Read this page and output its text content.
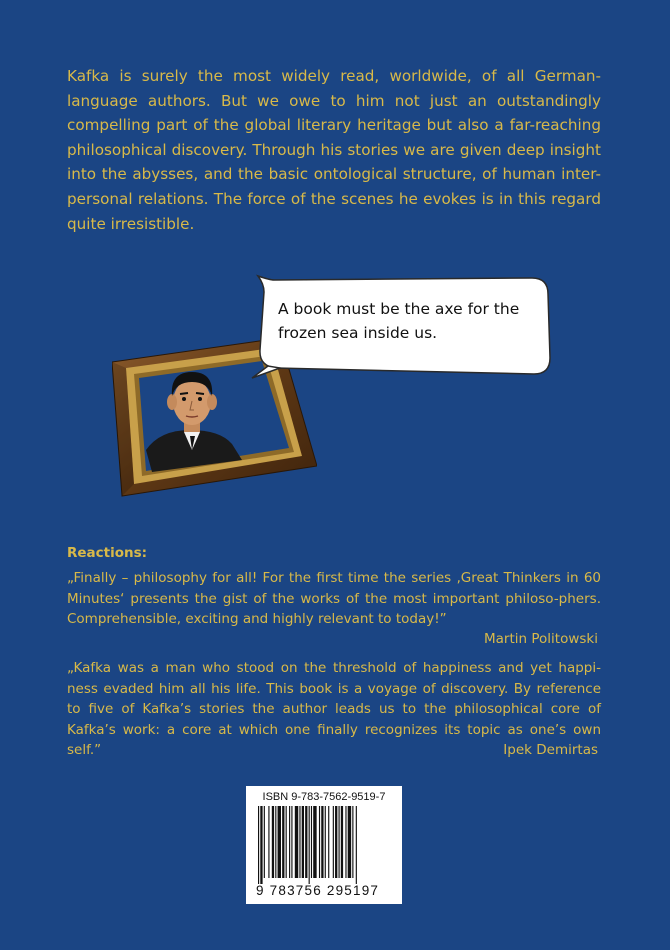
Kafka is surely the most widely read, worldwide, of all German-language authors. But we owe to him not just an outstandingly compelling part of the global literary heritage but also a far-reaching philosophical discovery. Through his stories we are given deep insight into the abysses, and the basic ontological structure, of human inter-personal relations. The force of the scenes he evokes is in this regard quite irresistible.

A book must be the axe for the frozen sea inside us.
Reactions:

„Finally – philosophy for all! For the first time the series ‚Great Thinkers in 60 Minutes‘ presents the gist of the works of the most important philoso-phers. Comprehensible, exciting and highly relevant to today!”

Martin Politowski

„Kafka was a man who stood on the threshold of happiness and yet happi-ness evaded him all his life. This book is a voyage of discovery. By reference to five of Kafka’s stories the author leads us to the philosophical core of Kafka’s work: a core at which one finally recognizes its topic as one’s own self.”	Ipek Demirtas
ISBN 9-783-7562-9519-7
9 783756 295197
